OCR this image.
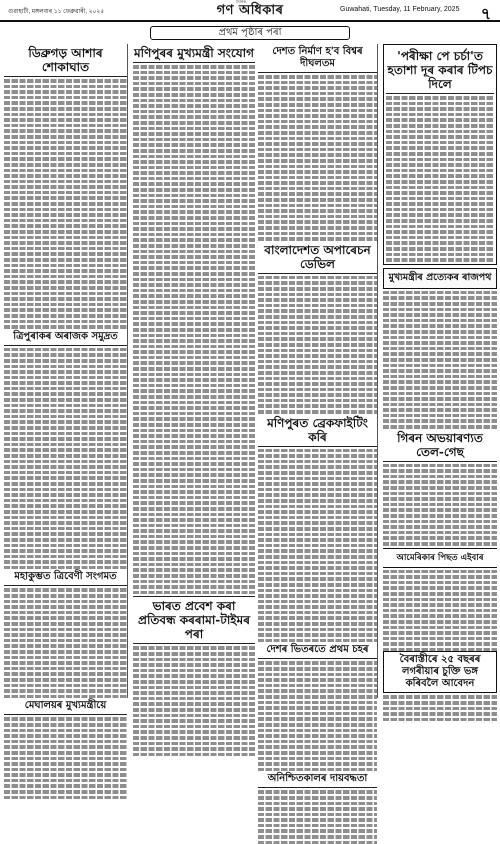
গুৱাহাটী, মঙ্গলবাৰ ১১ ফেব্ৰুৱাৰী, ২০২৫
দৈনিক
গণ অধিকাৰ	Guwahati, Tuesday, 11 February, 2025 ৭
প্ৰথম পৃষ্ঠাৰ পৰা
ডিব্ৰুগড় আশাৰ শোকাঘাত
ত্ৰিপুৰাকৰ অৰাজক সমুদ্ৰত
মহাকুম্ভত ত্ৰিবেণী সংগমত
মেঘালয়ৰ মুখ্যমন্ত্ৰীয়ে
মণিপুৰৰ মুখ্যমন্ত্ৰী সংযোগ
ভাৰত প্ৰবেশ কৰা প্ৰতিবন্ধ কৰৰামা-টাইমৰ পৰা
দেশত নিৰ্মাণ হ'ব বিশ্বৰ দীঘলতম
বাংলাদেশত অপাৰেচন ডেভিল
মণিপুৰত ব্ৰেকফাইটিং কৰি
দেশৰ ভিতৰতে প্ৰথম চহৰ
অনিশ্চিতকালৰ দায়বদ্ধতা
'পৰীক্ষা পে চৰ্চা'ত হতাশা দূৰ কৰাৰ টিপচ দিলে
মুখ্যমন্ত্ৰীৰ প্ৰত্যেকৰ ৰাজপথ
গিৰন অভয়াৰণ্যত তেল-গেছ
আমেৰিকাৰ পিছত এইবাৰ
বৈৰাস্তীৰে ২৫ বছৰৰ লগৰীয়াৰ চুক্তি ভঙ্গ কৰিবলৈ আবেদন
